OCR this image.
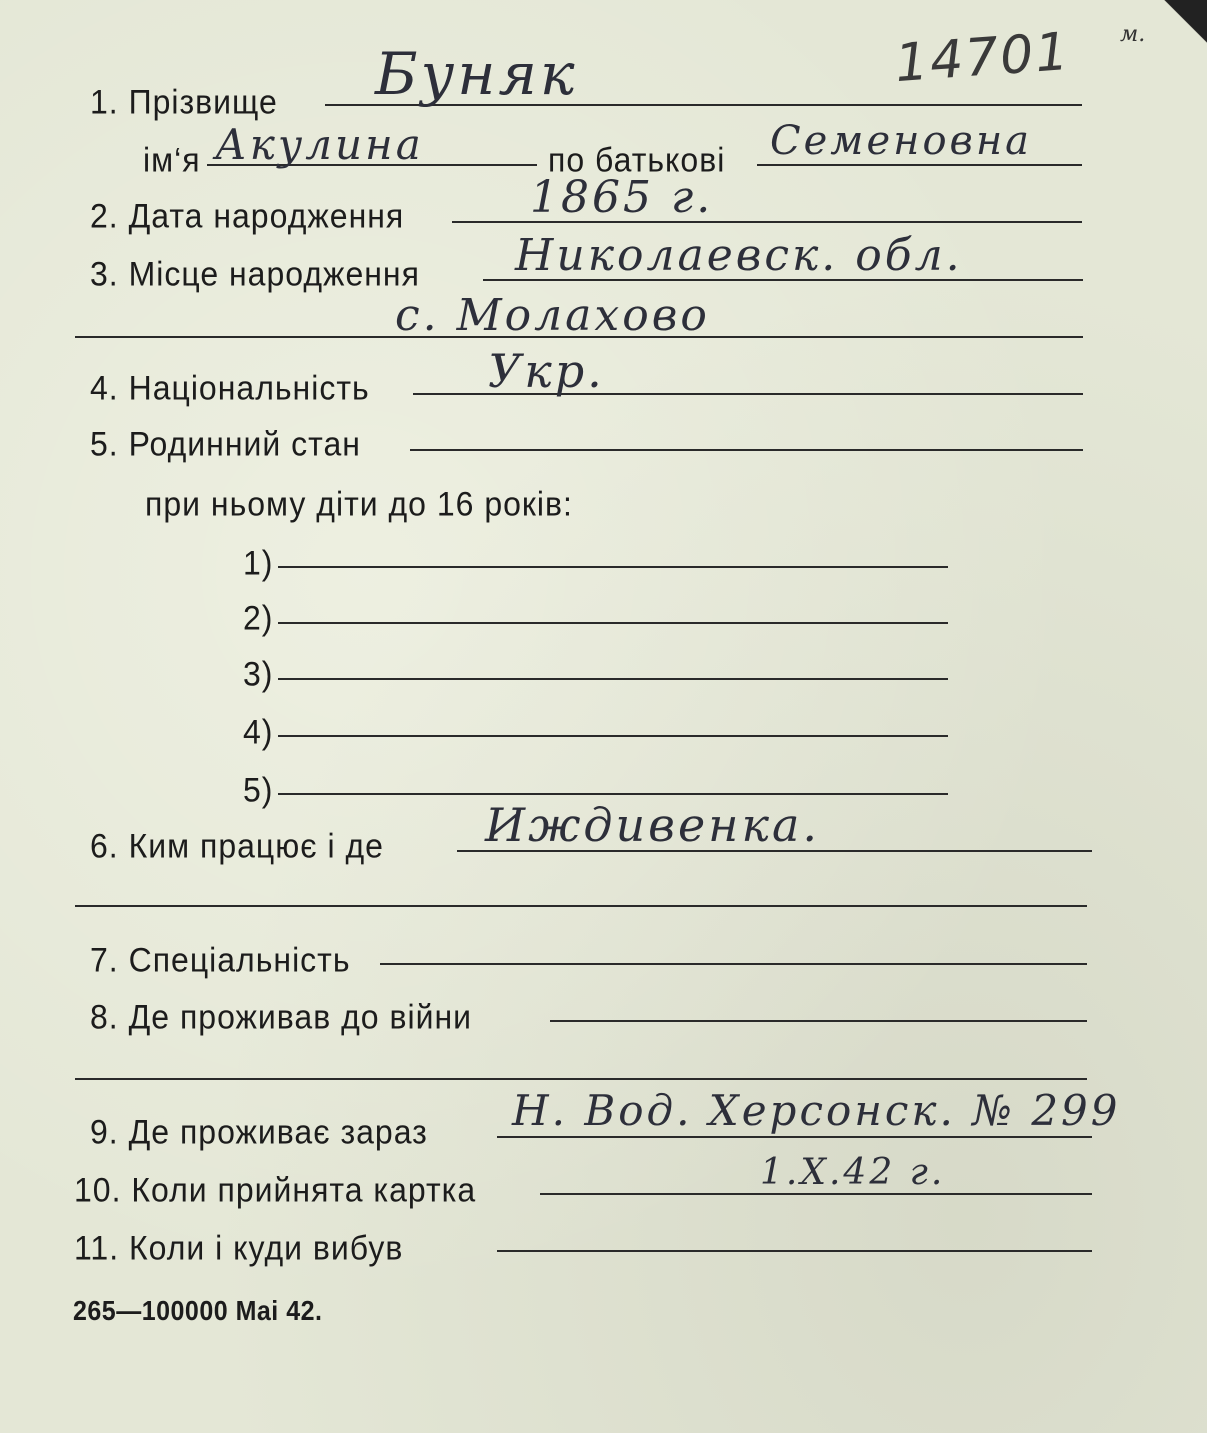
14701 м.
1. Прізвище Буняк
ім‘я Акулина	по батькові Семеновна
2. Дата народження	1865 г.
3. Місце народження Николаевск. обл.
с. Молахово
4. Національність	Укр.
5. Родинний стан
при ньому діти до 16 років:
1)
2)
3)
4)
5)
6. Ким працює і де Иждивенка.
7. Спеціальність
8. Де проживав до війни
9. Де проживає зараз Н. Вод. Херсонск. № 299
10. Коли прийнята картка	1.X.42 г.
11. Коли і куди вибув
265—100000 Mai 42.
